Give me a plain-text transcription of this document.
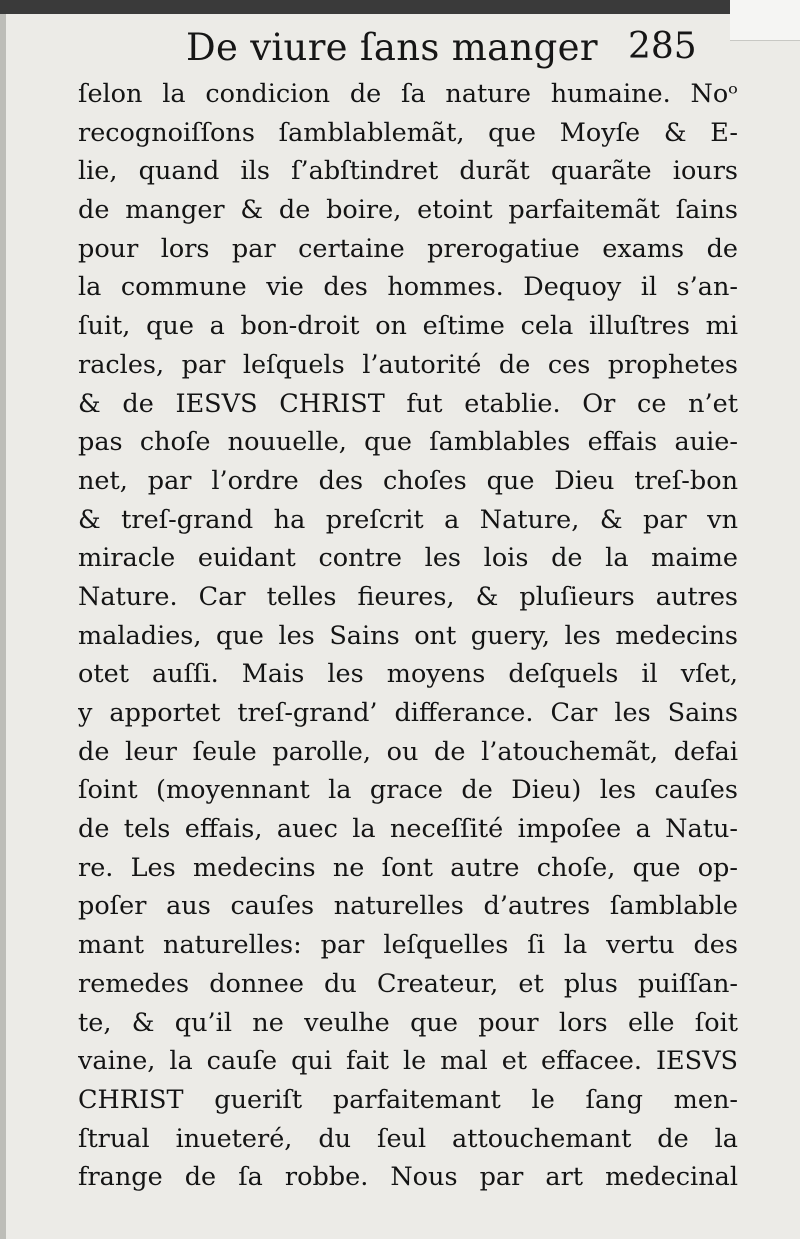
De viure ſans manger 285
ſelon la condicion de ſa nature humaine. Noᵒ
recognoiſſons ſamblablemãt, que Moyſe & E-
lie, quand ils ſ’abſtindret durãt quarãte iours
de manger & de boire, etoint parfaitemãt ſains
pour lors par certaine prerogatiue exams de
la commune vie des hommes. Dequoy il s’an-
ſuit, que a bon-droit on eſtime cela illuſtres mi
racles, par leſquels l’autorité de ces prophetes
& de IESVS CHRIST fut etablie. Or ce n’et
pas choſe nouuelle, que ſamblables effais auie-
net, par l’ordre des choſes que Dieu treſ-bon
& treſ-grand ha preſcrit a Nature, & par vn
miracle euidant contre les lois de la maime
Nature. Car telles fieures, & pluſieurs autres
maladies, que les Sains ont guery, les medecins
otet auſſi. Mais les moyens deſquels il vſet,
y apportet treſ-grand’ differance. Car les Sains
de leur ſeule parolle, ou de l’atouchemãt, defai
ſoint (moyennant la grace de Dieu) les cauſes
de tels effais, auec la neceſſité impoſee a Natu-
re. Les medecins ne ſont autre choſe, que op-
poſer aus cauſes naturelles d’autres ſamblable
mant naturelles: par leſquelles ſi la vertu des
remedes donnee du Createur, et plus puiſſan-
te, & qu’il ne veulhe que pour lors elle ſoit
vaine, la cauſe qui fait le mal et effacee. IESVS
CHRIST gueriſt parfaitemant le ſang men-
ſtrual inueteré, du ſeul attouchemant de la
frange de ſa robbe. Nous par art medecinal
